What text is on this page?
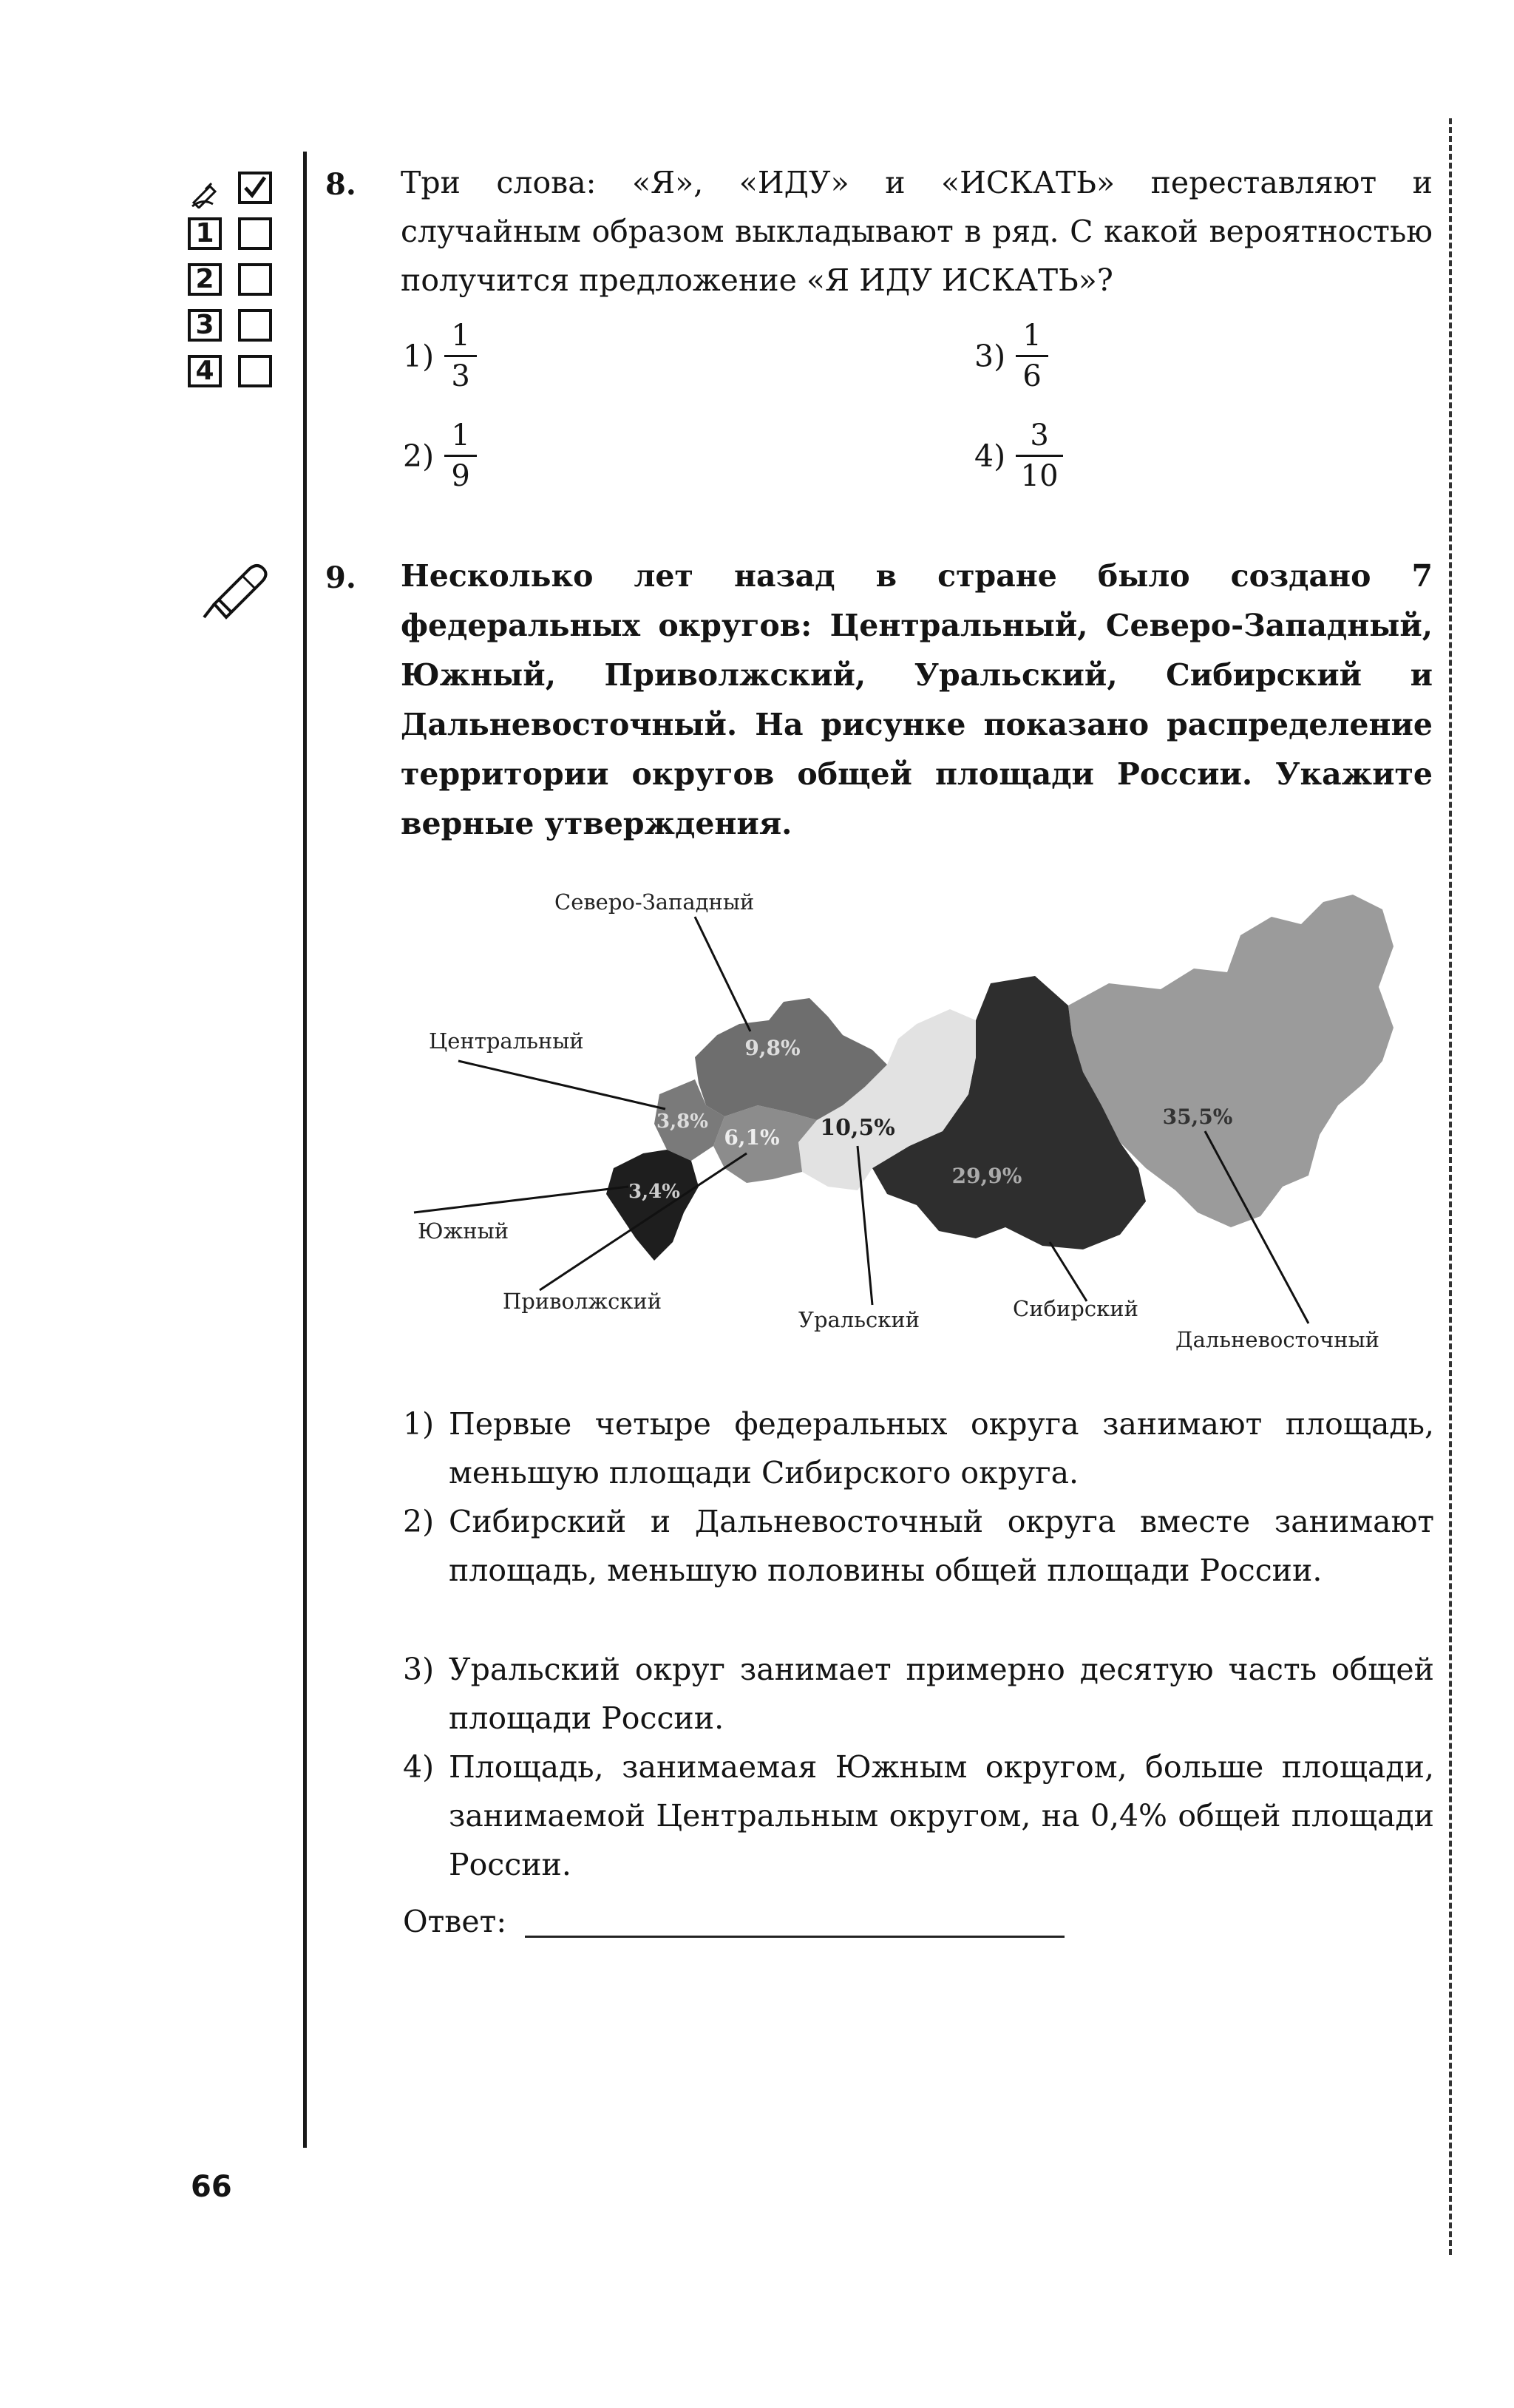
1
2
3
4
8. Три слова: «Я», «ИДУ» и «ИСКАТЬ» переставляют и случайным образом выкладывают в ряд. С какой вероятностью получится предложение «Я ИДУ ИСКАТЬ»?
$1) \frac{1}{3}$
$2) \frac{1}{9}$
$3) \frac{1}{6}$
$4) \frac{3}{10}$
9. Несколько лет назад в стране было создано 7 федеральных округов: Центральный, Северо-Западный, Южный, Приволжский, Уральский, Сибирский и Дальневосточный. На рисунке показано распределение территории округов общей площади России. Укажите верные утверждения.
9,8%
3,8%
3,4%
6,1% 10,5%
29,9%
35,5%
Северо-Западный
Центральный
Южный
Приволжский
Уральский	Сибирский
Дальневосточный
1) Первые четыре федеральных округа занимают площадь, меньшую площади Сибирского округа.
2) Сибирский и Дальневосточный округа вместе занимают площадь, меньшую половины общей площади России.
3) Уральский округ занимает примерно десятую часть общей площади России.
4) Площадь, занимаемая Южным округом, больше площади, занимаемой Центральным округом, на 0,4% общей площади России.
Ответ:
66
